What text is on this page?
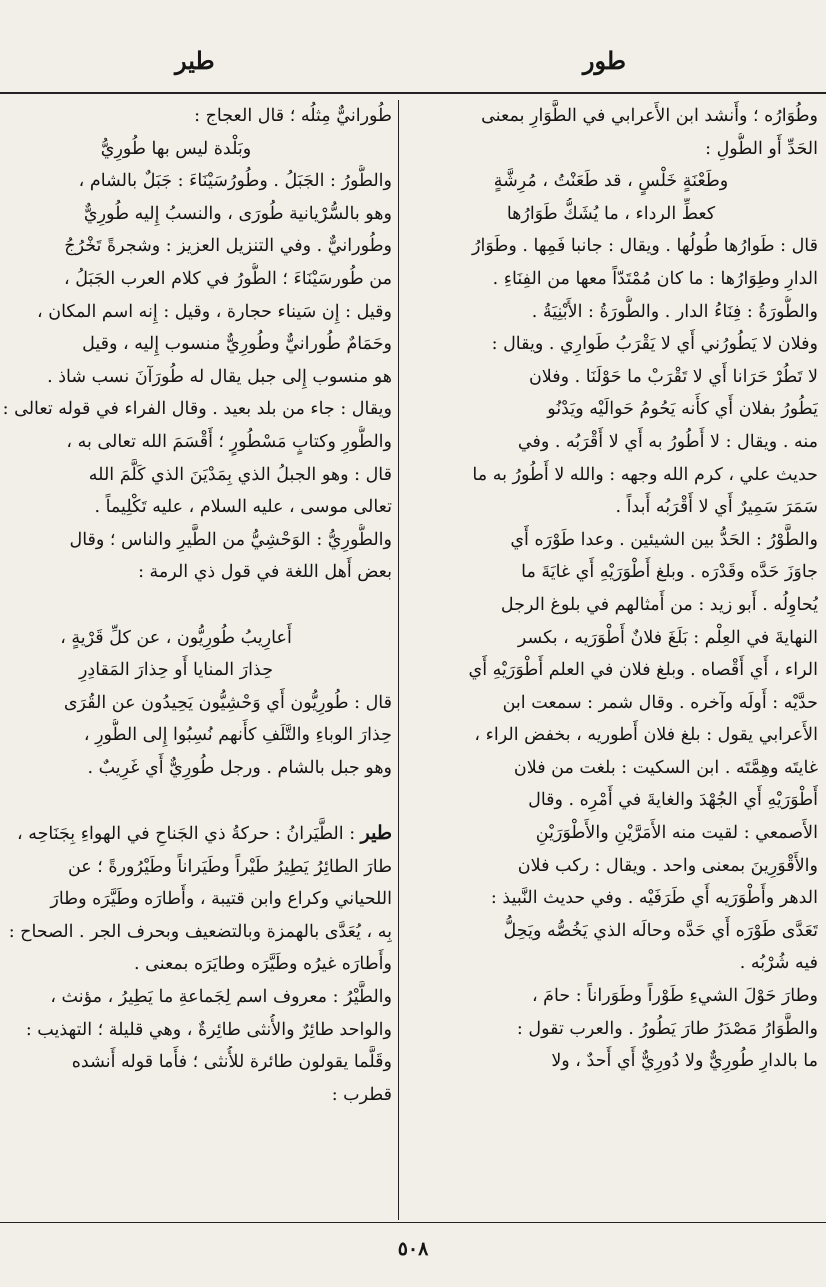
طور
طير

وطُوَارُه ؛ وأَنشد ابن الأَعرابي في الطَّوَارِ بمعنى

الحَدِّ أَو الطُّولِ :

وطَعْنَةٍ خَلْسٍ ، قد طَعَنْتُ ، مُرِشَّةٍ

كعطِّ الرداء ، ما يُشَكُّ طَوَارُها

قال : طَوارُها طُولُها . ويقال : جانبا فَمِها . وطَوَارُ

الدارِ وطِوَارُها : ما كان مُمْتَدّاً معها من الفِنَاءِ .

والطُّورَةُ : فِنَاءُ الدار . والطُّورَةُ : الأَبْنِيَةُ .

وفلان لا يَطُورُني أَي لا يَقْرَبُ طَوارِي . ويقال :

لا تَطُرْ حَرَانا أَي لا تَقْرَبْ ما حَوْلَنَا . وفلان

يَطُورُ بفلان أَي كأَنه يَحُومُ حَوالَيْه ويَدْنُو

منه . ويقال : لا أَطُورُ به أَي لا أَقْرَبُه . وفي

حديث علي ، كرم الله وجهه : والله لا أَطُورُ به ما

سَمَرَ سَمِيرٌ أَي لا أَقْرَبُه أَبداً .

والطَّوْرُ : الحَدُّ بين الشيئين . وعدا طَوْرَه أَي

جاوَزَ حَدَّه وقَدْرَه . وبلغ أَطْوَرَيْهِ أَي غايَةَ ما

يُحاوِلُه . أَبو زيد : من أَمثالهم في بلوغ الرجل

النهايةَ في العِلْم : بَلَغَ فلانٌ أَطْوَرَيه ، بكسر

الراء ، أَي أَقْصاه . وبلغ فلان في العلم أَطْوَرَيْهِ أَي

حدَّيْه : أَولَه وآخره . وقال شمر : سمعت ابن

الأَعرابي يقول : بلغ فلان أَطوريه ، بخفض الراء ،

غايتَه وهِمَّتَه . ابن السكيت : بلغت من فلان

أَطْوَرَيْهِ أَي الجُهْدَ والغايةَ في أَمْرِه . وقال

الأَصمعي : لقيت منه الأَمَرَّيْنِ والأَطْوَرَيْنِ

والأَقْوَرِينَ بمعنى واحد . ويقال : ركب فلان

الدهر وأَطْوَرَيه أَي طَرَفَيْه . وفي حديث النَّبيذ :

تَعَدَّى طَوْرَه أَي حَدَّه وحالَه الذي يَخُصُّه ويَحِلُّ

فيه شُرْبُه .

وطارَ حَوْلَ الشيءِ طَوْراً وطَوَراناً : حامَ ،

والطَّوَارُ مَصْدَرُ طارَ يَطُورُ . والعرب تقول :

ما بالدارِ طُورِيٌّ ولا دُورِيٌّ أَي أَحدٌ ، ولا

طُورانيٌّ مِثلُه ؛ قال العجاج :

وبَلْدة ليس بها طُورِيُّ

والطُّورُ : الجَبَلُ . وطُورُسَيْنَاءَ : جَبَلٌ بالشام ،

وهو بالسُّرْيانية طُورَى ، والنسبُ إِليه طُورِيٌّ

وطُورانيٌّ . وفي التنزيل العزيز : وشجرةً تَخْرُجُ

من طُورسَيْنَاءَ ؛ الطُّورُ في كلام العرب الجَبَلُ ،

وقيل : إِن سَيناء حجارة ، وقيل : إِنه اسم المكان ،

وحَمَامٌ طُورانيٌّ وطُورِيٌّ منسوب إِليه ، وقيل

هو منسوب إِلى جبل يقال له طُورَآنَ نسب شاذ .

ويقال : جاء من بلد بعيد . وقال الفراء في قوله تعالى :

والطُّورِ وكتابٍ مَسْطُورٍ ؛ أَقْسَمَ الله تعالى به ،

قال : وهو الجبلُ الذي بِمَدْيَنَ الذي كَلَّمَ الله

تعالى موسى ، عليه السلام ، عليه تَكْلِيماً .

والطُّورِيُّ : الوَحْشِيُّ من الطَّيرِ والناس ؛ وقال

بعض أَهل اللغة في قول ذي الرمة :

أَعارِيبُ طُورِيُّون ، عن كلِّ قَرْيةٍ ،

حِذارَ المنايا أَو حِذارَ المَقادِرِ

قال : طُورِيُّون أَي وَحْشِيُّون يَحِيدُون عن القُرَى

حِذارَ الوباءِ والتَّلَفِ كأَنهم نُسِبُوا إِلى الطُّورِ ،

وهو جبل بالشام . ورجل طُورِيٌّ أَي غَرِيبٌ .

طير : الطَّيَرانُ : حركةُ ذي الجَناحِ في الهواءِ بِجَنَاحِه ،

طارَ الطائِرُ يَطِيرُ طَيْراً وطَيَراناً وطَيْرُورةً ؛ عن

اللحياني وكراع وابن قتيبة ، وأَطارَه وطَيَّرَه وطارَ

بِه ، يُعَدَّى بالهمزة وبالتضعيف وبحرف الجر . الصحاح :

وأَطارَه غيرُه وطَيَّرَه وطايَرَه بمعنى .

والطَّيْرُ : معروف اسم لِجَماعةِ ما يَطِيرُ ، مؤنث ،

والواحد طائِرٌ والأُنثى طائِرةٌ ، وهي قليلة ؛ التهذيب :

وقَلَّما يقولون طائرة للأُنثى ؛ فأَما قوله أَنشده

قطرب :

٥٠٨
